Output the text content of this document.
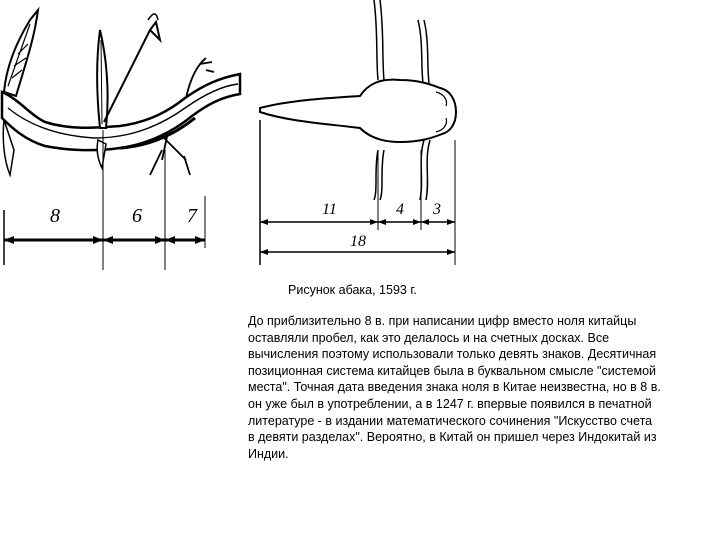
8	6 7	11	4 3
18
Рисунок абака, 1593 г.
До приблизительно 8 в. при написании цифр вместо ноля китайцы
оставляли пробел, как это делалось и на счетных досках. Все
вычисления поэтому использовали только девять знаков. Десятичная
позиционная система китайцев была в буквальном смысле "системой
места". Точная дата введения знака ноля в Китае неизвестна, но в 8 в.
он уже был в употреблении, а в 1247 г. впервые появился в печатной
литературе - в издании математического сочинения "Искусство счета
в девяти разделах". Вероятно, в Китай он пришел через Индокитай из
Индии.
